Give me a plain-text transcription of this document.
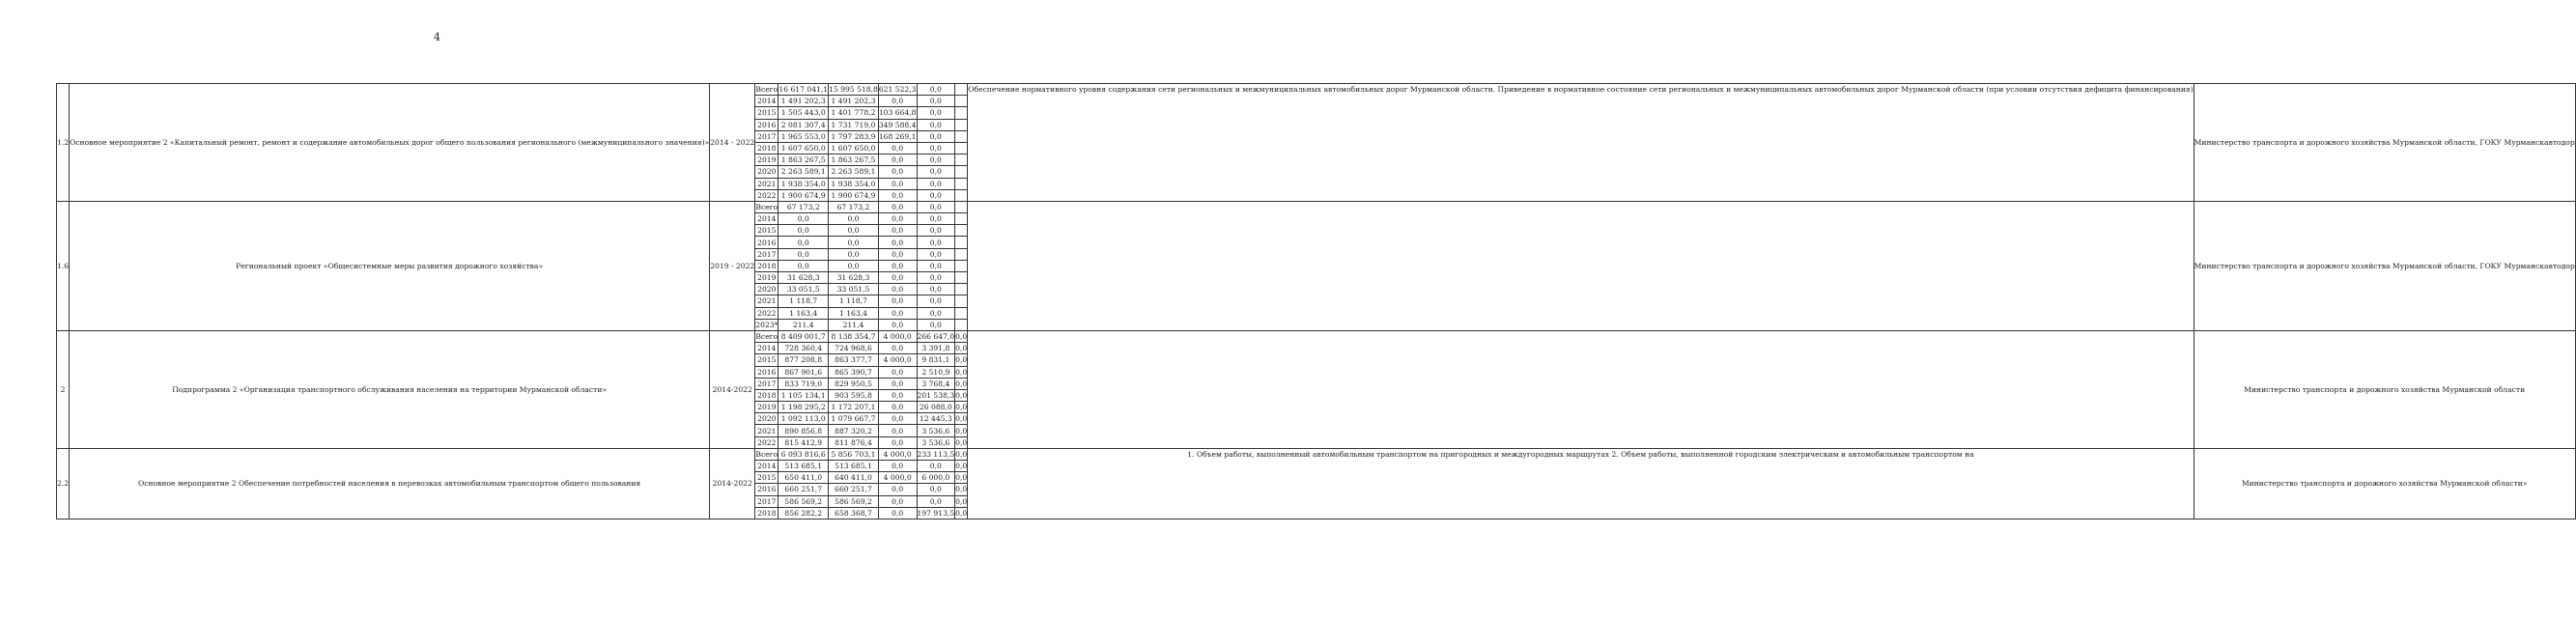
4
1.2	Основное мероприятие 2 «Капитальный ремонт, ремонт и содержание автомобильных дорог общего пользования регионального (межмуниципального значения)»	2014 - 2022	Всего	16 617 041,1	15 995 518,8	621 522,3	0,0		Обеспечение нормативного уровня содержания сети региональных и межмуниципальных автомобильных дорог Мурманской области. Приведение в нормативное состояние сети региональных и межмуниципальных автомобильных дорог Мурманской области (при условии отсутствия дефицита финансирования)	Министерство транспорта и дорожного хозяйства Мурманской области, ГОКУ Мурманскавтодор
			2014	1 491 202,3	1 491 202,3	0,0	0,0			
			2015	1 505 443,0	1 401 778,2	103 664,8	0,0			
			2016	2 081 307,4	1 731 719,0	349 588,4	0,0			
			2017	1 965 553,0	1 797 283,9	168 269,1	0,0			
			2018	1 607 650,0	1 607 650,0	0,0	0,0			
			2019	1 863 267,5	1 863 267,5	0,0	0,0			
			2020	2 263 589,1	2 263 589,1	0,0	0,0			
			2021	1 938 354,0	1 938 354,0	0,0	0,0			
			2022	1 900 674,9	1 900 674,9	0,0	0,0			
1.6	Региональный проект «Общесистемные меры развития дорожного хозяйства»	2019 - 2022	Всего	67 173,2	67 173,2	0,0	0,0			Министерство транспорта и дорожного хозяйства Мурманской области, ГОКУ Мурманскавтодор
			2014	0,0	0,0	0,0	0,0			
			2015	0,0	0,0	0,0	0,0			
			2016	0,0	0,0	0,0	0,0			
			2017	0,0	0,0	0,0	0,0			
			2018	0,0	0,0	0,0	0,0			
			2019	31 628,3	31 628,3	0,0	0,0			
			2020	33 051,5	33 051,5	0,0	0,0			
			2021	1 118,7	1 118,7	0,0	0,0			
			2022	1 163,4	1 163,4	0,0	0,0			
			2023*	211,4	211,4	0,0	0,0			
2	Подпрограмма 2 «Организация транспортного обслуживания населения на территории Мурманской области»	2014-2022	Всего	8 409 001,7	8 138 354,7	4 000,0	266 647,0	0,0		Министерство транспорта и дорожного хозяйства Мурманской области
			2014	728 360,4	724 968,6	0,0	3 391,8	0,0		
			2015	877 208,8	863 377,7	4 000,0	9 831,1	0,0		
			2016	867 901,6	865 390,7	0,0	2 510,9	0,0		
			2017	833 719,0	829 950,5	0,0	3 768,4	0,0		
			2018	1 105 134,1	903 595,8	0,0	201 538,3	0,0		
			2019	1 198 295,2	1 172 207,1	0,0	26 088,0	0,0		
			2020	1 092 113,0	1 079 667,7	0,0	12 445,3	0,0		
			2021	890 856,8	887 320,2	0,0	3 536,6	0,0		
			2022	815 412,9	811 876,4	0,0	3 536,6	0,0		
2.2	Основное мероприятие 2 Обеспечение потребностей населения в перевозках автомобильным транспортом общего пользования	2014-2022	Всего	6 093 816,6	5 856 703,1	4 000,0	233 113,5	0,0	1. Объем работы, выполненный автомобильным транспортом на пригородных и междугородных маршрутах 2. Объем работы, выполненной городским электрическим и автомобильным транспортом на	Министерство транспорта и дорожного хозяйства Мурманской области»
			2014	513 685,1	513 685,1	0,0	0,0	0,0		
			2015	650 411,0	640 411,0	4 000,0	6 000,0	0,0		
			2016	660 251,7	660 251,7	0,0	0,0	0,0		
			2017	586 569,2	586 569,2	0,0	0,0	0,0		
			2018	856 282,2	658 368,7	0,0	197 913,5	0,0		
